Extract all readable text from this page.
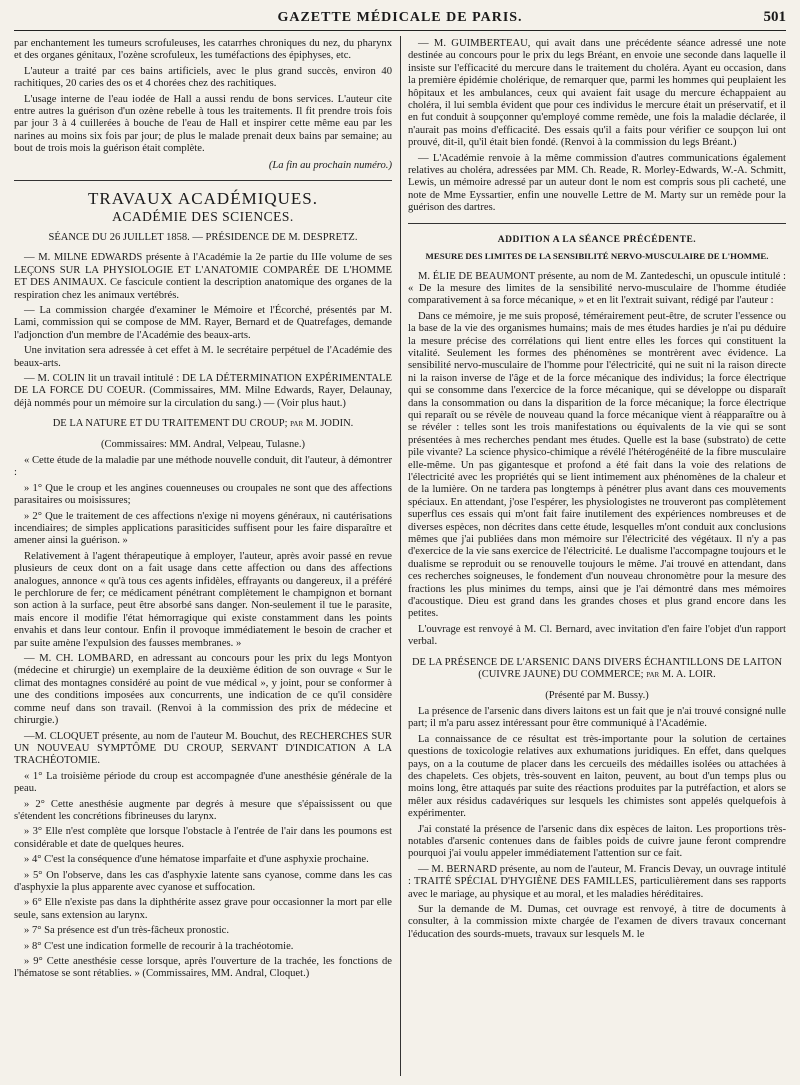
GAZETTE MÉDICALE DE PARIS.	501

par enchantement les tumeurs scrofuleuses, les catarrhes chroniques du nez, du pharynx et des organes génitaux, l'ozène scrofuleux, les tuméfactions des épiphyses, etc.

L'auteur a traité par ces bains artificiels, avec le plus grand succès, environ 40 rachitiques, 20 caries des os et 4 chorées chez des rachitiques.

L'usage interne de l'eau iodée de Hall a aussi rendu de bons services. L'auteur cite entre autres la guérison d'un ozène rebelle à tous les traitements. Il fit prendre trois fois par jour 3 à 4 cuillerées à bouche de l'eau de Hall et inspirer cette même eau par les narines au moins six fois par jour; de plus le malade prenait deux bains par semaine; au bout de trois mois la guérison était complète.

(La fin au prochain numéro.)
TRAVAUX ACADÉMIQUES.
ACADÉMIE DES SCIENCES.
SÉANCE DU 26 JUILLET 1858. — PRÉSIDENCE DE M. DESPRETZ.

— M. MILNE EDWARDS présente à l'Académie la 2e partie du IIIe volume de ses LEÇONS SUR LA PHYSIOLOGIE ET L'ANATOMIE COMPARÉE DE L'HOMME ET DES ANIMAUX. Ce fascicule contient la description anatomique des organes de la respiration chez les animaux vertébrés.

— La commission chargée d'examiner le Mémoire et l'Écorché, présentés par M. Lami, commission qui se compose de MM. Rayer, Bernard et de Quatrefages, demande l'adjonction d'un membre de l'Académie des beaux-arts.

Une invitation sera adressée à cet effet à M. le secrétaire perpétuel de l'Académie des beaux-arts.

— M. COLIN lit un travail intitulé : DE LA DÉTERMINATION EXPÉRIMENTALE DE LA FORCE DU COEUR. (Commissaires, MM. Milne Edwards, Rayer, Delaunay, déjà nommés pour un mémoire sur la circulation du sang.) — (Voir plus haut.)

DE LA NATURE ET DU TRAITEMENT DU CROUP; par M. JODIN.
(Commissaires: MM. Andral, Velpeau, Tulasne.)

« Cette étude de la maladie par une méthode nouvelle conduit, dit l'auteur, à démontrer :

» 1° Que le croup et les angines couenneuses ou croupales ne sont que des affections parasitaires ou moisissures;

» 2° Que le traitement de ces affections n'exige ni moyens généraux, ni cautérisations incendiaires; de simples applications parasiticides suffisent pour les faire disparaître et amener ainsi la guérison. »

Relativement à l'agent thérapeutique à employer, l'auteur, après avoir passé en revue plusieurs de ceux dont on a fait usage dans cette affection ou dans des affections analogues, annonce « qu'à tous ces agents infidèles, effrayants ou dangereux, il a préféré le perchlorure de fer; ce médicament pénétrant complètement le champignon et bornant son action à la surface, peut être absorbé sans danger. Non-seulement il tue le parasite, mais encore il modifie l'état hémorragique qui existe constamment dans les points envahis et dans leur contour. Enfin il provoque immédiatement le besoin de cracher et par suite amène l'expulsion des fausses membranes. »

— M. CH. LOMBARD, en adressant au concours pour les prix du legs Montyon (médecine et chirurgie) un exemplaire de la deuxième édition de son ouvrage « Sur le climat des montagnes considéré au point de vue médical », y joint, pour se conformer à une des conditions imposées aux concurrents, une indication de ce qu'il considère comme neuf dans son travail. (Renvoi à la commission des prix de médecine et chirurgie.)

—M. CLOQUET présente, au nom de l'auteur M. Bouchut, des RECHERCHES SUR UN NOUVEAU SYMPTÔME DU CROUP, SERVANT D'INDICATION A LA TRACHÉOTOMIE.

« 1° La troisième période du croup est accompagnée d'une anesthésie générale de la peau.

» 2° Cette anesthésie augmente par degrés à mesure que s'épaississent ou que s'étendent les concrétions fibrineuses du larynx.

» 3° Elle n'est complète que lorsque l'obstacle à l'entrée de l'air dans les poumons est considérable et date de quelques heures.

» 4° C'est la conséquence d'une hématose imparfaite et d'une asphyxie prochaine.

» 5° On l'observe, dans les cas d'asphyxie latente sans cyanose, comme dans les cas d'asphyxie la plus apparente avec cyanose et suffocation.

» 6° Elle n'existe pas dans la diphthérite assez grave pour occasionner la mort par elle seule, sans extension au larynx.

» 7° Sa présence est d'un très-fâcheux pronostic.

» 8° C'est une indication formelle de recourir à la trachéotomie.

» 9° Cette anesthésie cesse lorsque, après l'ouverture de la trachée, les fonctions de l'hématose se sont rétablies. » (Commissaires, MM. Andral, Cloquet.)

— M. GUIMBERTEAU, qui avait dans une précédente séance adressé une note destinée au concours pour le prix du legs Bréant, en envoie une seconde dans laquelle il insiste sur l'efficacité du mercure dans le traitement du choléra. Ayant eu occasion, dans la première épidémie cholérique, de remarquer que, parmi les hommes qui peuplaient les hôpitaux et les ambulances, ceux qui avaient fait usage du mercure échappaient au choléra, il lui sembla évident que pour ces individus le mercure était un préservatif, et il en fut conduit à soupçonner qu'employé comme remède, une fois la maladie déclarée, il n'aurait pas moins d'efficacité. Des essais qu'il a faits pour vérifier ce soupçon lui ont prouvé, dit-il, qu'il était bien fondé. (Renvoi à la commission du legs Bréant.)

— L'Académie renvoie à la même commission d'autres communications également relatives au choléra, adressées par MM. Ch. Reade, R. Morley-Edwards, W.-A. Schmitt, Lewis, un mémoire adressé par un auteur dont le nom est compris sous pli cacheté, une note de Mme Eyssartier, enfin une nouvelle Lettre de M. Marty sur un remède pour la guérison des dartres.

ADDITION A LA SÉANCE PRÉCÉDENTE.
MESURE DES LIMITES DE LA SENSIBILITÉ NERVO-MUSCULAIRE DE L'HOMME.

M. ÉLIE DE BEAUMONT présente, au nom de M. Zantedeschi, un opuscule intitulé : « De la mesure des limites de la sensibilité nervo-musculaire de l'homme étudiée comparativement à sa force mécanique, » et en lit l'extrait suivant, rédigé par l'auteur :

Dans ce mémoire, je me suis proposé, témérairement peut-être, de scruter l'essence ou la base de la vie des organismes humains; mais de mes études hardies je n'ai pu déduire la mesure précise des corrélations qui lient entre elles les forces qui constituent la vitalité. Seulement les formes des phénomènes se montrèrent avec évidence. La sensibilité nervo-musculaire de l'homme pour l'électricité, qui ne suit ni la raison directe ni la raison inverse de l'âge et de la force mécanique des individus; la force électrique qui se consomme dans l'exercice de la force mécanique, qui se développe ou disparaît dans la consommation ou dans la disparition de la force mécanique; la force électrique qui reparaît ou se révèle de nouveau quand la force mécanique vient à réapparaître ou à se révéler : telles sont les trois manifestations ou équivalents de la vie qui se sont présentées à mes recherches pendant mes études. Quelle est la base (substrato) de cette pile vivante? La science physico-chimique a révélé l'hétérogénéité de la fibre musculaire elle-même. Un pas gigantesque et profond a été fait dans la voie des relations de l'électricité avec les propriétés qui se lient intimement aux phénomènes de la chaleur et de la lumière. On ne tardera pas longtemps à pénétrer plus avant dans ces mouvements spéciaux. En attendant, j'ose l'espérer, les physiologistes ne trouveront pas complètement superflus ces essais qui m'ont fait faire inutilement des expériences nombreuses et de diverses espèces, non décrites dans cette étude, lesquelles m'ont conduit aux conclusions mêmes que j'ai publiées dans mon mémoire sur l'électricité des végétaux. Il n'y a pas d'exercice de la vie sans exercice de l'électricité. Le dualisme l'accompagne toujours et le dualisme se reproduit ou se renouvelle toujours le même. J'ai trouvé en attendant, dans ces recherches soigneuses, le fondement d'un nouveau chronomètre pour la mesure des fractions les plus minimes du temps, ainsi que je l'ai démontré dans mes mémoires d'acoustique. Dieu est grand dans les grandes choses et plus grand encore dans les petites.

L'ouvrage est renvoyé à M. Cl. Bernard, avec invitation d'en faire l'objet d'un rapport verbal.

DE LA PRÉSENCE DE L'ARSENIC DANS DIVERS ÉCHANTILLONS DE LAITON (CUIVRE JAUNE) DU COMMERCE; par M. A. LOIR.
(Présenté par M. Bussy.)

La présence de l'arsenic dans divers laitons est un fait que je n'ai trouvé consigné nulle part; il m'a paru assez intéressant pour être communiqué à l'Académie.

La connaissance de ce résultat est très-importante pour la solution de certaines questions de toxicologie relatives aux exhumations juridiques. En effet, dans quelques pays, on a la coutume de placer dans les cercueils des médailles isolées ou attachées à des chapelets. Ces objets, très-souvent en laiton, peuvent, au bout d'un temps plus ou moins long, être attaqués par suite des réactions produites par la putréfaction, et alors se mêler aux résidus cadavériques sur lesquels les chimistes sont appelés quelquefois à expérimenter.

J'ai constaté la présence de l'arsenic dans dix espèces de laiton. Les proportions très-notables d'arsenic contenues dans de faibles poids de cuivre jaune feront comprendre pourquoi j'ai voulu appeler immédiatement l'attention sur ce fait.

— M. BERNARD présente, au nom de l'auteur, M. Francis Devay, un ouvrage intitulé : TRAITÉ SPÉCIAL D'HYGIÈNE DES FAMILLES, particulièrement dans ses rapports avec le mariage, au physique et au moral, et les maladies héréditaires.

Sur la demande de M. Dumas, cet ouvrage est renvoyé, à titre de documents à consulter, à la commission mixte chargée de l'examen de divers travaux concernant l'éducation des sourds-muets, travaux sur lesquels M. le
